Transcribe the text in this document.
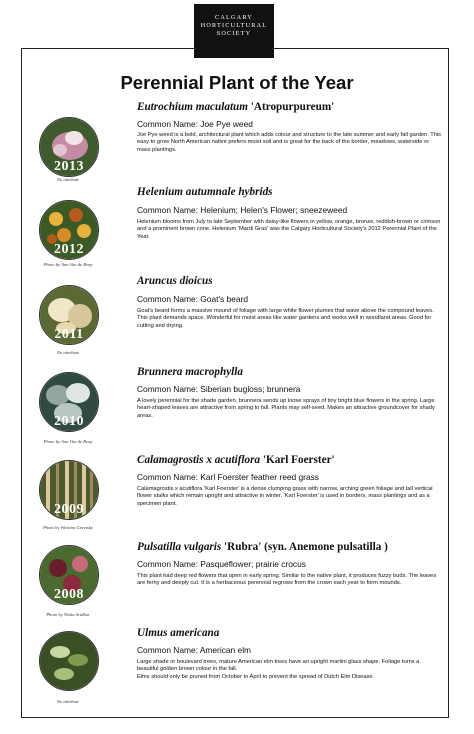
CALGARY
HORTICULTURAL
SOCIETY
Perennial Plant of the Year
2013
No attribute
Eutrochium maculatum 'Atropurpureum'
Common Name: Joe Pye weed
Joe Pye weed is a bold, architectural plant which adds colour and structure to the late summer and early fall garden. This easy to grow North American native prefers moist soil and is great for the back of the border, meadows, waterside or mass plantings.
2012
Photo by Ann Van de Reep
Helenium autumnale hybrids
Common Name: Helenium; Helen's Flower; sneezeweed
Helenium blooms from July to late September with daisy-like flowers in yellow, orange, bronze, reddish-brown or crimson and a prominent brown cone. Helenium 'Mardi Gras' was the Calgary Horticultural Society's 2012 Perennial Plant of the Year.
2011
No attribute
Aruncus dioicus
Common Name: Goat's beard
Goat's beard forms a massive mound of foliage with large white flower plumes that wave above the compound leaves. This plant demands space. Wonderful for moist areas like water gardens and works well in woodland areas. Good for cutting and drying.
2010
Photo by Ann Van de Reep
Brunnera macrophylla
Common Name: Siberian bugloss; brunnera
A lovely perennial for the shade garden, brunnera sends up loose sprays of tiny bright blue flowers in the spring. Large heart-shaped leaves are attractive from spring to fall. Plants may self-seed. Makes an attractive groundcover for shady areas.
2009
Photo by Winston Goretsky
Calamagrostis x acutiflora 'Karl Foerster'
Common Name: Karl Foerster feather reed grass
Calamagrostis x acutiflora 'Karl Foerster' is a dense clumping grass with narrow, arching green foliage and tall vertical flower stalks which remain upright and attractive in winter. 'Karl Foerster' is used in borders, mass plantings and as a specimen plant.
2008
Photo by Nisha Sridhar
Pulsatilla vulgaris 'Rubra' (syn. Anemone pulsatilla )
Common Name: Pasqueflower; prairie crocus
This plant had deep red flowers that open in early spring. Similar to the native plant, it produces fuzzy buds. The leaves are ferny and deeply cut. It is a herbaceous perennial regrows from the crown each year to form mounds.
No attribute
Ulmus americana
Common Name: American elm
Large shade or boulevard trees, mature American elm trees have an upright martini glass shape. Foliage turns a beautiful golden brown colour in the fall.
Elms should only be pruned from October to April to prevent the spread of Dutch Elm Disease.
